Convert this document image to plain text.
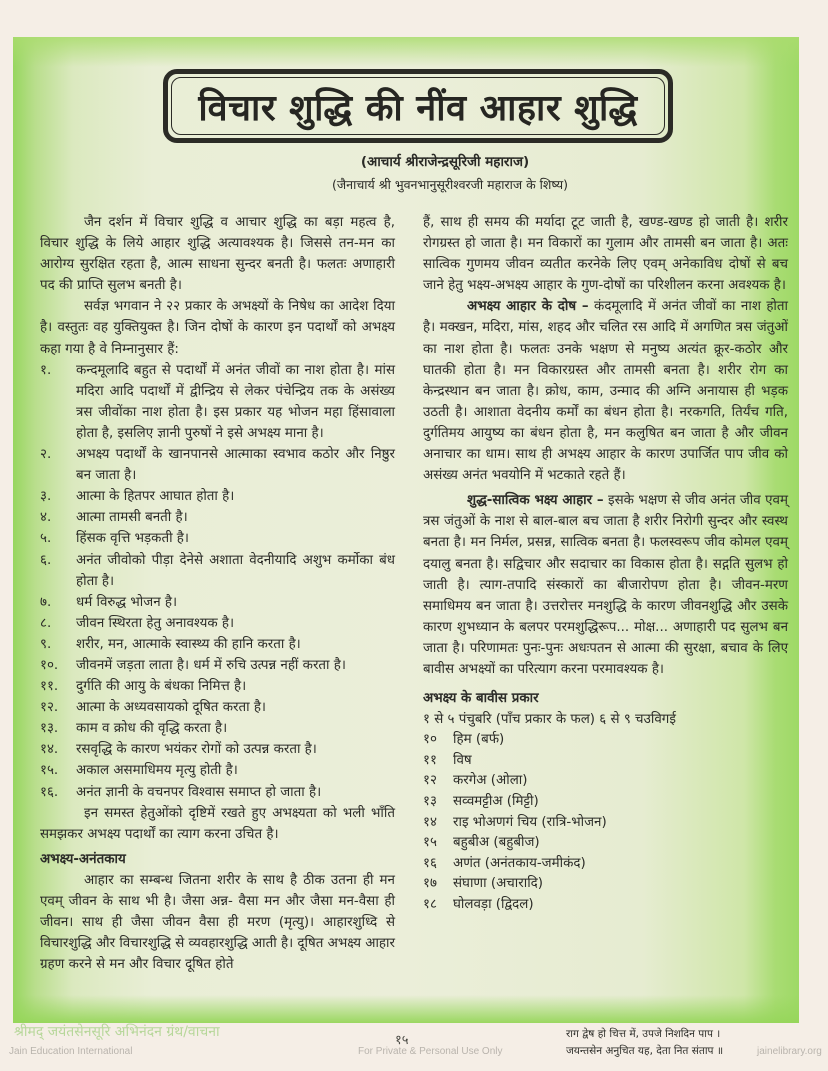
विचार शुद्धि की नींव आहार शुद्धि
(आचार्य श्रीराजेन्द्रसूरिजी महाराज)
(जैनाचार्य श्री भुवनभानुसूरीश्वरजी महाराज के शिष्य)

जैन दर्शन में विचार शुद्धि व आचार शुद्धि का बड़ा महत्व है, विचार शुद्धि के लिये आहार शुद्धि अत्यावश्यक है। जिससे तन-मन का आरोग्य सुरक्षित रहता है, आत्म साधना सुन्दर बनती है। फलतः अणाहारी पद की प्राप्ति सुलभ बनती है।

सर्वज्ञ भगवान ने २२ प्रकार के अभक्ष्यों के निषेध का आदेश दिया है। वस्तुतः वह युक्तियुक्त है। जिन दोषों के कारण इन पदार्थों को अभक्ष्य कहा गया है वे निम्नानुसार हैं:

१.	कन्दमूलादि बहुत से पदार्थों में अनंत जीवों का नाश होता है। मांस मदिरा आदि पदार्थों में द्वीन्द्रिय से लेकर पंचेन्द्रिय तक के असंख्य त्रस जीवोंका नाश होता है। इस प्रकार यह भोजन महा हिंसावाला होता है, इसलिए ज्ञानी पुरुषों ने इसे अभक्ष्य माना है।
२.	अभक्ष्य पदार्थों के खानपानसे आत्माका स्वभाव कठोर और निष्ठुर बन जाता है।
३.	आत्मा के हितपर आघात होता है।
४.	आत्मा तामसी बनती है।
५.	हिंसक वृत्ति भड़कती है।
६.	अनंत जीवोको पीड़ा देनेसे अशाता वेदनीयादि अशुभ कर्मोका बंध होता है।
७.	धर्म विरुद्ध भोजन है।
८.	जीवन स्थिरता हेतु अनावश्यक है।
९.	शरीर, मन, आत्माके स्वास्थ्य की हानि करता है।
१०.	जीवनमें जड़ता लाता है। धर्म में रुचि उत्पन्न नहीं करता है।
११.	दुर्गति की आयु के बंधका निमित्त है।
१२.	आत्मा के अध्यवसायको दूषित करता है।
१३.	काम व क्रोध की वृद्धि करता है।
१४.	रसवृद्धि के कारण भयंकर रोगों को उत्पन्न करता है।
१५.	अकाल असमाधिमय मृत्यु होती है।
१६.	अनंत ज्ञानी के वचनपर विश्वास समाप्त हो जाता है।

इन समस्त हेतुओंको दृष्टिमें रखते हुए अभक्ष्यता को भली भाँति समझकर अभक्ष्य पदार्थों का त्याग करना उचित है।

अभक्ष्य-अनंतकाय

आहार का सम्बन्ध जितना शरीर के साथ है ठीक उतना ही मन एवम् जीवन के साथ भी है। जैसा अन्न- वैसा मन और जैसा मन-वैसा ही जीवन। साथ ही जैसा जीवन वैसा ही मरण (मृत्यु)। आहारशुध्दि से विचारशुद्धि और विचारशुद्धि से व्यवहारशुद्धि आती है। दूषित अभक्ष्य आहार ग्रहण करने से मन और विचार दूषित होते

हैं, साथ ही समय की मर्यादा टूट जाती है, खण्ड-खण्ड हो जाती है। शरीर रोगग्रस्त हो जाता है। मन विकारों का गुलाम और तामसी बन जाता है। अतः सात्विक गुणमय जीवन व्यतीत करनेके लिए एवम् अनेकाविध दोषों से बच जाने हेतु भक्ष्य-अभक्ष्य आहार के गुण-दोषों का परिशीलन करना अवश्यक है।

अभक्ष्य आहार के दोष – कंदमूलादि में अनंत जीवों का नाश होता है। मक्खन, मदिरा, मांस, शहद और चलित रस आदि में अगणित त्रस जंतुओं का नाश होता है। फलतः उनके भक्षण से मनुष्य अत्यंत क्रूर-कठोर और घातकी होता है। मन विकारग्रस्त और तामसी बनता है। शरीर रोग का केन्द्रस्थान बन जाता है। क्रोध, काम, उन्माद की अग्नि अनायास ही भड़क उठती है। आशाता वेदनीय कर्मों का बंधन होता है। नरकगति, तिर्यंच गति, दुर्गतिमय आयुष्य का बंधन होता है, मन कलुषित बन जाता है और जीवन अनाचार का धाम। साथ ही अभक्ष्य आहार के कारण उपार्जित पाप जीव को असंख्य अनंत भवयोनि में भटकाते रहते हैं।

शुद्ध-सात्विक भक्ष्य आहार – इसके भक्षण से जीव अनंत जीव एवम् त्रस जंतुओं के नाश से बाल-बाल बच जाता है शरीर निरोगी सुन्दर और स्वस्थ बनता है। मन निर्मल, प्रसन्न, सात्विक बनता है। फलस्वरूप जीव कोमल एवम् दयालु बनता है। सद्विचार और सदाचार का विकास होता है। सद्गति सुलभ हो जाती है। त्याग-तपादि संस्कारों का बीजारोपण होता है। जीवन-मरण समाधिमय बन जाता है। उत्तरोत्तर मनशुद्धि के कारण जीवनशुद्धि और उसके कारण शुभध्यान के बलपर परमशुद्धिरूप... मोक्ष... अणाहारी पद सुलभ बन जाता है। परिणामतः पुनः-पुनः अधःपतन से आत्मा की सुरक्षा, बचाव के लिए बावीस अभक्ष्यों का परित्याग करना परमावश्यक है।

अभक्ष्य के बावीस प्रकार

१ से ५ पंचुबरि (पाँच प्रकार के फल) ६ से ९ चउविगई

१०	हिम (बर्फ)
११	विष
१२	करगेअ (ओला)
१३	सव्वमट्टीअ (मिट्टी)
१४	राइ भोअणगं चिय (रात्रि-भोजन)
१५	बहुबीअ (बहुबीज)
१६	अणंत (अनंतकाय-जमीकंद)
१७	संघाणा (अचारादि)
१८	घोलवड़ा (द्विदल)
श्रीमद् जयंतसेनसूरि अभिनंदन ग्रंथ/वाचना
Jain Education International
१५
For Private & Personal Use Only
राग द्वेष हो चित्त में, उपजे निशदिन पाप ।
जयन्तसेन अनुचित यह, देता नित संताप ॥	jainelibrary.org
